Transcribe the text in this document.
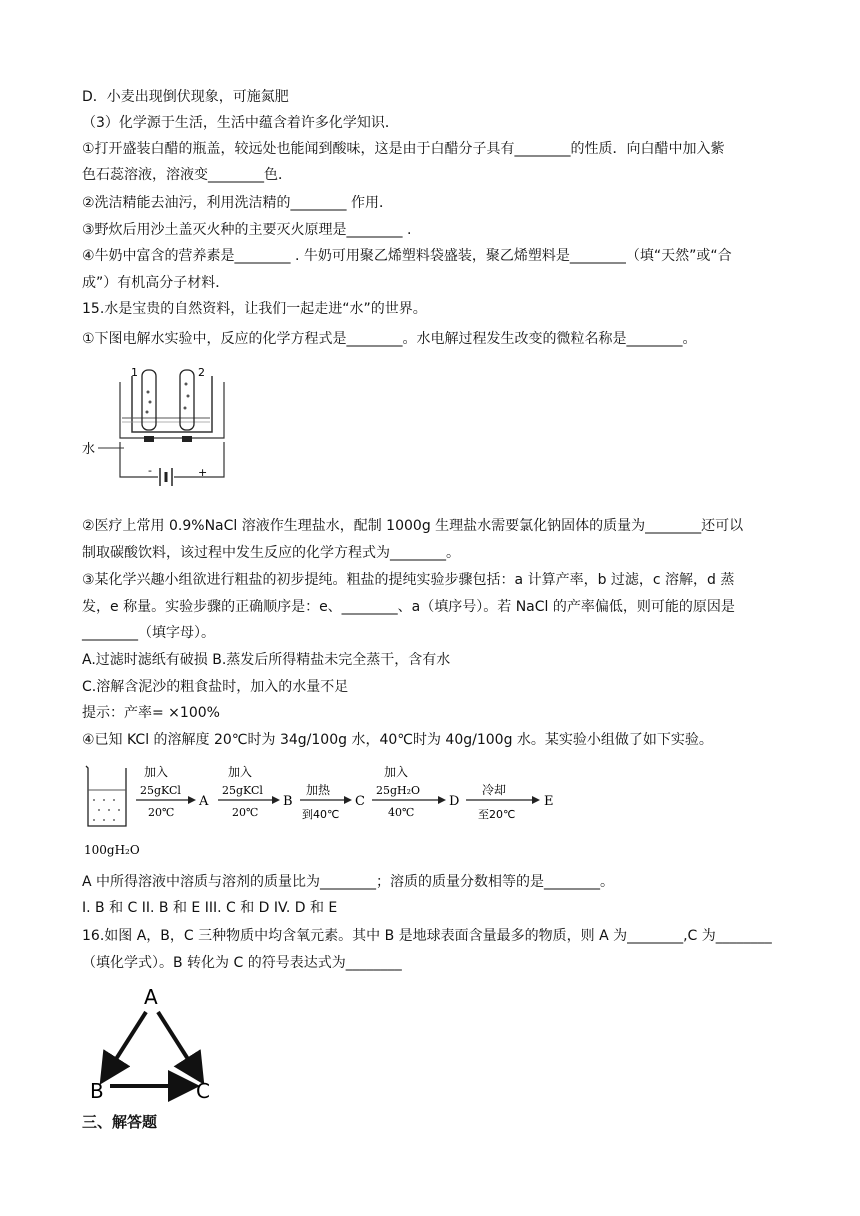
D．小麦出现倒伏现象，可施氮肥
（3）化学源于生活，生活中蕴含着许多化学知识．
①打开盛装白醋的瓶盖，较远处也能闻到酸味，这是由于白醋分子具有________的性质．向白醋中加入紫
色石蕊溶液，溶液变________色．
②洗洁精能去油污，利用洗洁精的________ 作用．
③野炊后用沙土盖灭火种的主要灭火原理是________ .
④牛奶中富含的营养素是________ . 牛奶可用聚乙烯塑料袋盛装，聚乙烯塑料是________（填“天然”或“合
成”）有机高分子材料．
15.水是宝贵的自然资料，让我们一起走进“水”的世界。
①下图电解水实验中，反应的化学方程式是________。水电解过程发生改变的微粒名称是________。
1	2
水
-	+
②医疗上常用 0.9%NaCl 溶液作生理盐水，配制 1000g 生理盐水需要氯化钠固体的质量为________还可以
制取碳酸饮料，该过程中发生反应的化学方程式为________。
③某化学兴趣小组欲进行粗盐的初步提纯。粗盐的提纯实验步骤包括：a 计算产率，b 过滤，c 溶解，d 蒸
发，e 称量。实验步骤的正确顺序是：e、________、a（填序号）。若 NaCl 的产率偏低，则可能的原因是
________（填字母）。
A.过滤时滤纸有破损 B.蒸发后所得精盐未完全蒸干，含有水
C.溶解含泥沙的粗食盐时，加入的水量不足
提示：产率= ×100%
④已知 KCl 的溶解度 20℃时为 34g/100g 水，40℃时为 40g/100g 水。某实验小组做了如下实验。
100gH₂O
加入
25gKCl
20℃
A
加入
25gKCl
20℃
B
加热
到40℃
C
加入
25gH₂O
40℃
D
冷却
至20℃
E
A 中所得溶液中溶质与溶剂的质量比为________；溶质的质量分数相等的是________。
I. B 和 C II. B 和 E III. C 和 D IV. D 和 E
16.如图 A，B，C 三种物质中均含氧元素。其中 B 是地球表面含量最多的物质，则 A 为________,C 为________
（填化学式）。B 转化为 C 的符号表达式为________
A
B	C
三、解答题
